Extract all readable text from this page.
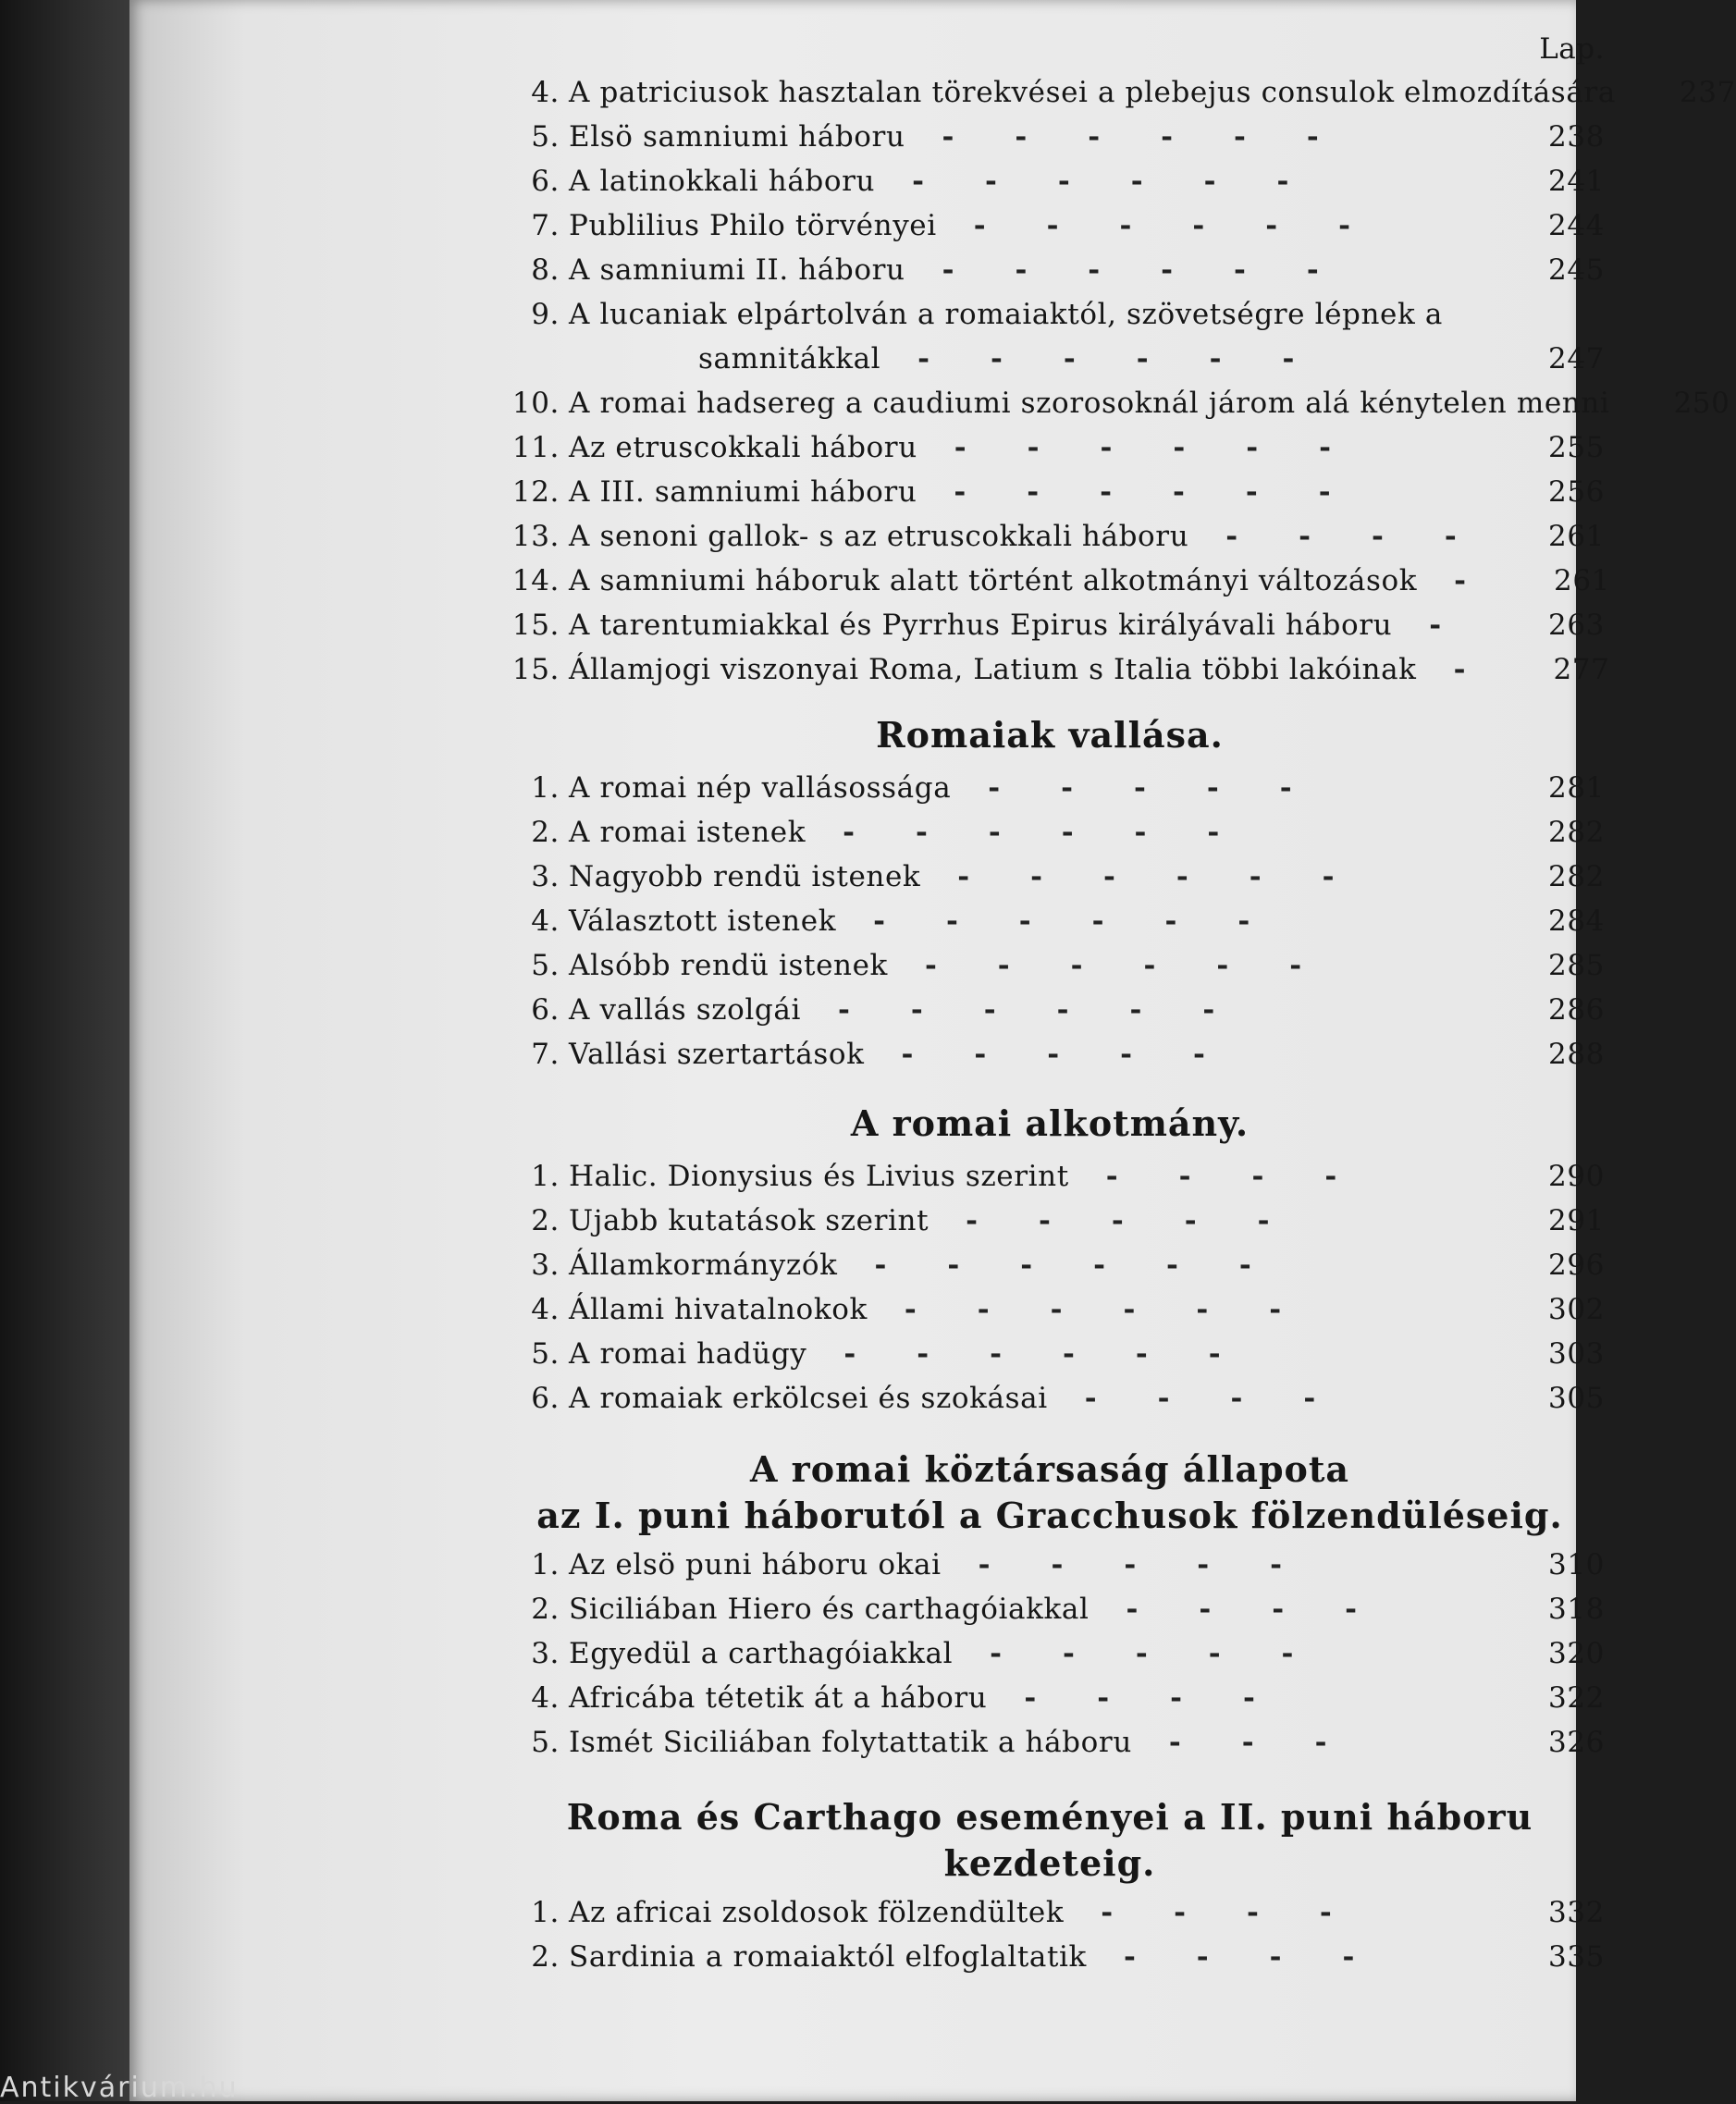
Lap.
4. A patriciusok hasztalan törekvései a plebejus consulok elmozdítására	237
5. Elsö samniumi háboru	------	238
6. A latinokkali háboru	------	241
7. Publilius Philo törvényei	------	244
8. A samniumi II. háboru	------	245
9. A lucaniak elpártolván a romaiaktól, szövetségre lépnek a
samnitákkal	------	247
10. A romai hadsereg a caudiumi szorosoknál járom alá kénytelen menni	250
11. Az etruscokkali háboru	------	255
12. A III. samniumi háboru	------	256
13. A senoni gallok- s az etruscokkali háboru	----	261
14. A samniumi háboruk alatt történt alkotmányi változások	- 261
15. A tarentumiakkal és Pyrrhus Epirus királyávali háboru	-	263
15. Államjogi viszonyai Roma, Latium s Italia többi lakóinak	- 277
Romaiak vallása.
1. A romai nép vallásossága	-----	281
2. A romai istenek	------	282
3. Nagyobb rendü istenek	------	282
4. Választott istenek	------	284
5. Alsóbb rendü istenek	------	285
6. A vallás szolgái	------	286
7. Vallási szertartások	-----	288
A romai alkotmány.
1. Halic. Dionysius és Livius szerint	----	290
2. Ujabb kutatások szerint	-----	291
3. Államkormányzók	------	296
4. Állami hivatalnokok	------	302
5. A romai hadügy	------	303
6. A romaiak erkölcsei és szokásai	----	305
A romai köztársaság állapota
az I. puni háborutól a Gracchusok fölzendüléseig.
1. Az elsö puni háboru okai	-----	310
2. Siciliában Hiero és carthagóiakkal	----	318
3. Egyedül a carthagóiakkal	-----	320
4. Africába tétetik át a háboru	----	322
5. Ismét Siciliában folytattatik a háboru	---	326
Roma és Carthago eseményei a II. puni háboru
kezdeteig.
1. Az africai zsoldosok fölzendültek	----	332
2. Sardinia a romaiaktól elfoglaltatik	----	335
Antikvárium.hu
